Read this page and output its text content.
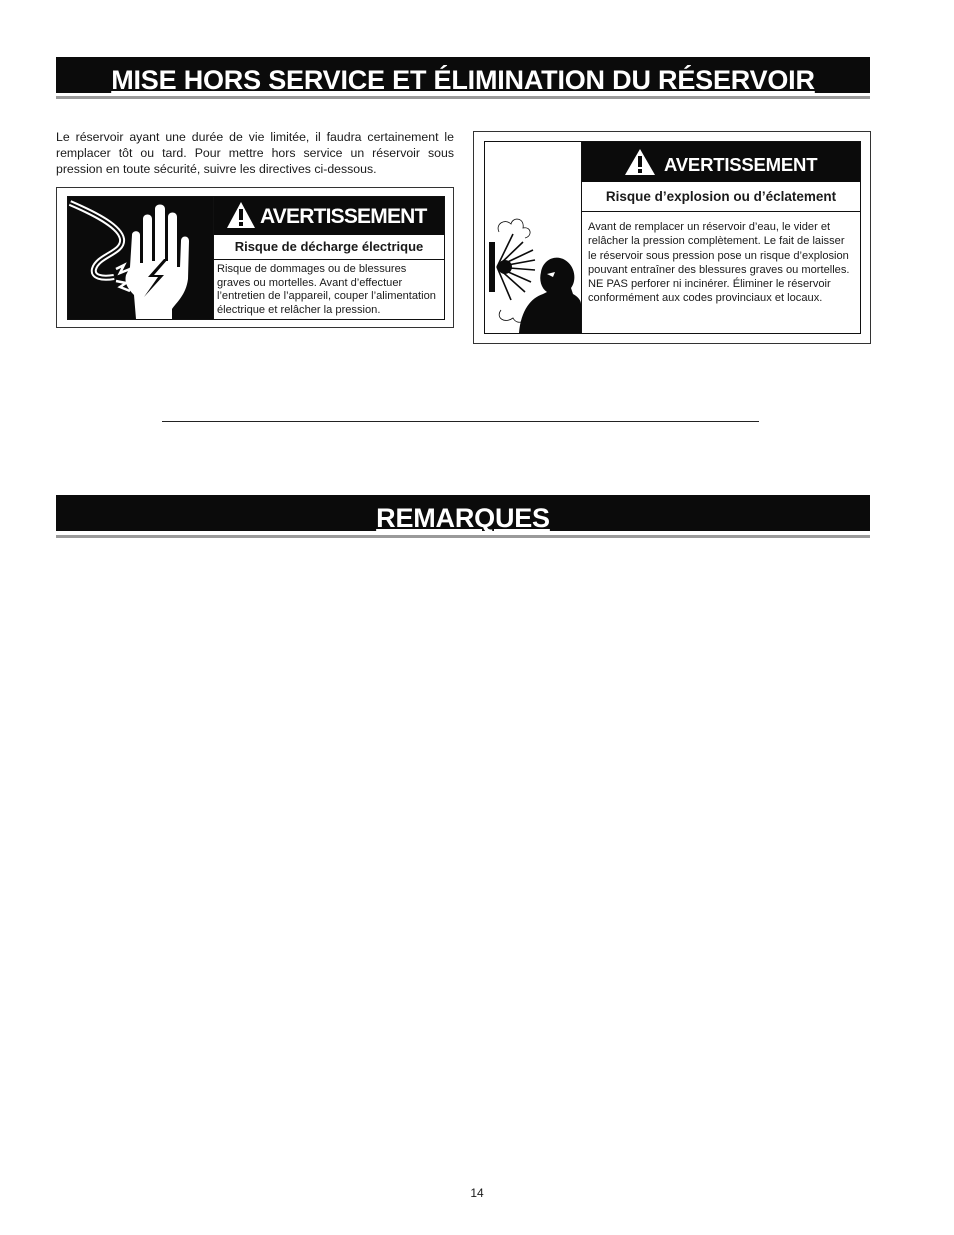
MISE HORS SERVICE ET ÉLIMINATION DU RÉSERVOIR

Le réservoir ayant une durée de vie limitée, il faudra certainement le remplacer tôt ou tard. Pour mettre hors service un réservoir sous pression en toute sécurité, suivre les directives ci-dessous.

AVERTISSEMENT
Risque de décharge électrique
Risque de dommages ou de blessures graves ou mortelles. Avant d’effectuer l’entretien de l’appareil, couper l’alimentation électrique et relâcher la pression.
AVERTISSEMENT
Risque d’explosion ou d’éclatement
Avant de remplacer un réservoir d’eau, le vider et relâcher la pression complètement. Le fait de laisser le réservoir sous pression pose un risque d’explosion pouvant entraîner des blessures graves ou mortelles. NE PAS perforer ni incinérer. Éliminer le réservoir conformément aux codes provinciaux et locaux.
REMARQUES
14
